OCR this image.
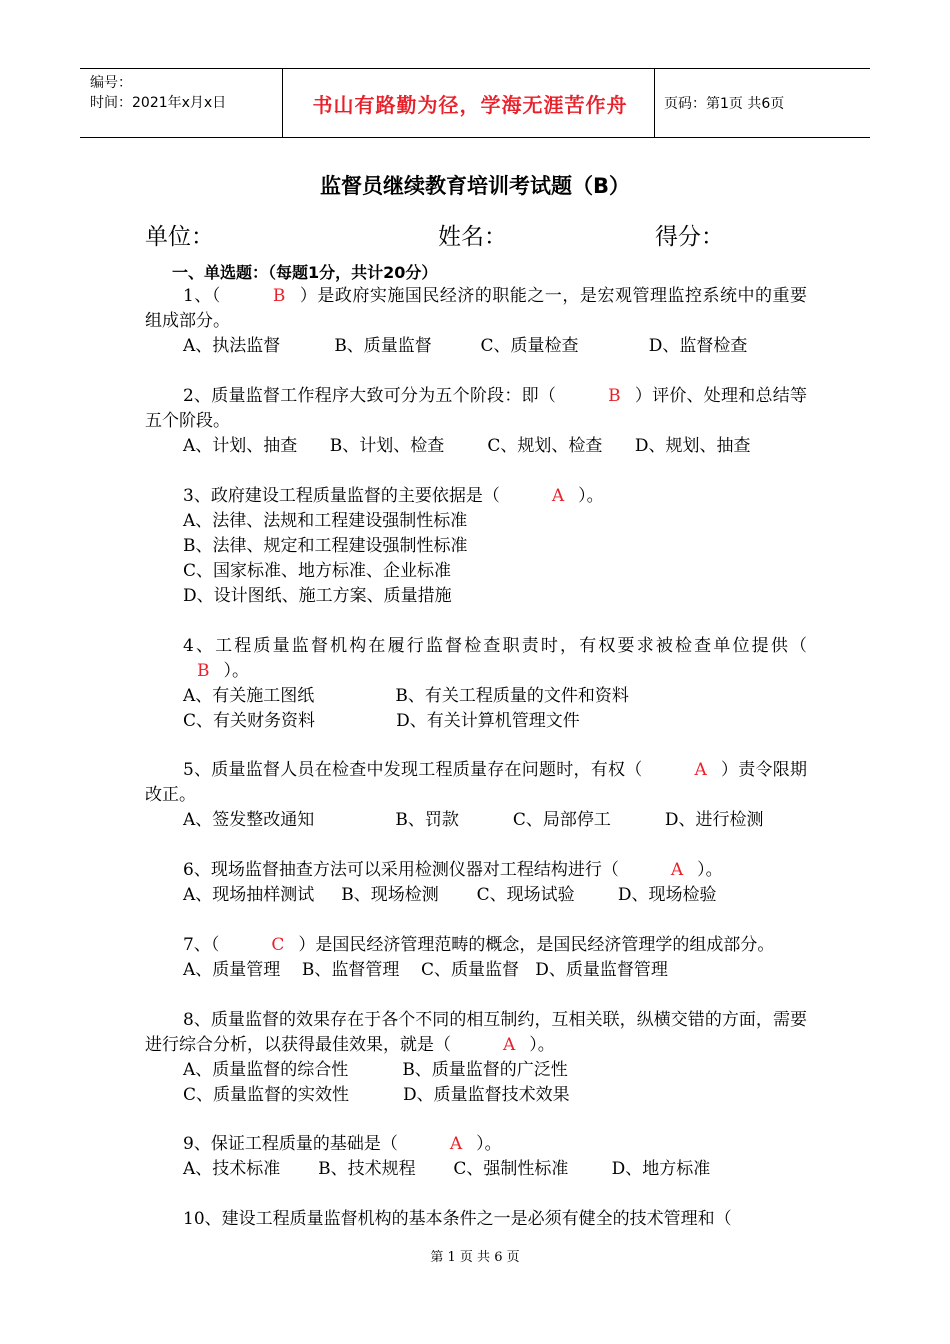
编号：
时间：2021年x月x日	书山有路勤为径，学海无涯苦作舟	页码：第1页 共6页
监督员继续教育培训考试题（B）
单位：	姓名：	得分：
一、单选题：（每题1分，共计20分）

1、（	B ）是政府实施国民经济的职能之一，是宏观管理监控系统中的重要组成部分。

A、执法监督          B、质量监督         C、质量检查             D、监督检查

2、质量监督工作程序大致可分为五个阶段：即（	B ）评价、处理和总结等五个阶段。

A、计划、抽查      B、计划、检查        C、规划、检查      D、规划、抽查

3、政府建设工程质量监督的主要依据是（	A ）。

A、法律、法规和工程建设强制性标准

B、法律、规定和工程建设强制性标准

C、国家标准、地方标准、企业标准

D、设计图纸、施工方案、质量措施

4、工程质量监督机构在履行监督检查职责时，有权要求被检查单位提供（B ）。

A、有关施工图纸               B、有关工程质量的文件和资料

C、有关财务资料               D、有关计算机管理文件

5、质量监督人员在检查中发现工程质量存在问题时，有权（	A ）责令限期改正。

A、签发整改通知               B、罚款          C、局部停工          D、进行检测

6、现场监督抽查方法可以采用检测仪器对工程结构进行（	A ）。

A、现场抽样测试     B、现场检测       C、现场试验        D、现场检验

7、（	C ）是国民经济管理范畴的概念，是国民经济管理学的组成部分。

A、质量管理    B、监督管理    C、质量监督   D、质量监督管理

8、质量监督的效果存在于各个不同的相互制约，互相关联，纵横交错的方面，需要进行综合分析，以获得最佳效果，就是（	A ）。

A、质量监督的综合性          B、质量监督的广泛性

C、质量监督的实效性          D、质量监督技术效果

9、保证工程质量的基础是（	A ）。

A、技术标准       B、技术规程       C、强制性标准        D、地方标准

10、建设工程质量监督机构的基本条件之一是必须有健全的技术管理和（

第 1 页 共 6 页
